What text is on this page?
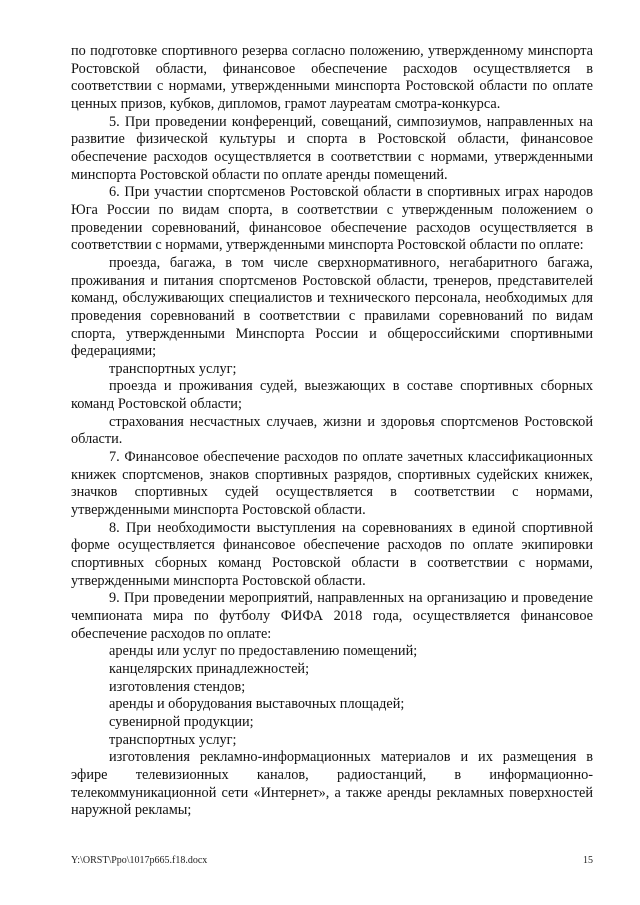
по подготовке спортивного резерва согласно положению, утвержденному минспорта Ростовской области, финансовое обеспечение расходов осуществляется в соответствии с нормами, утвержденными минспорта Ростовской области по оплате ценных призов, кубков, дипломов, грамот лауреатам смотра-конкурса.

5. При проведении конференций, совещаний, симпозиумов, направленных на развитие физической культуры и спорта в Ростовской области, финансовое обеспечение расходов осуществляется в соответствии с нормами, утвержденными минспорта Ростовской области по оплате аренды помещений.

6. При участии спортсменов Ростовской области в спортивных играх народов Юга России по видам спорта, в соответствии с утвержденным положением о проведении соревнований, финансовое обеспечение расходов осуществляется в соответствии с нормами, утвержденными минспорта Ростовской области по оплате:

проезда, багажа, в том числе сверхнормативного, негабаритного багажа, проживания и питания спортсменов Ростовской области, тренеров, представителей команд, обслуживающих специалистов и технического персонала, необходимых для проведения соревнований в соответствии с правилами соревнований по видам спорта, утвержденными Минспорта России и общероссийскими спортивными федерациями;

транспортных услуг;

проезда и проживания судей, выезжающих в составе спортивных сборных команд Ростовской области;

страхования несчастных случаев, жизни и здоровья спортсменов Ростовской области.

7. Финансовое обеспечение расходов по оплате зачетных классификационных книжек спортсменов, знаков спортивных разрядов, спортивных судейских книжек, значков спортивных судей осуществляется в соответствии с нормами, утвержденными минспорта Ростовской области.

8. При необходимости выступления на соревнованиях в единой спортивной форме осуществляется финансовое обеспечение расходов по оплате экипировки спортивных сборных команд Ростовской области в соответствии с нормами, утвержденными минспорта Ростовской области.

9. При проведении мероприятий, направленных на организацию и проведение чемпионата мира по футболу ФИФА 2018 года, осуществляется финансовое обеспечение расходов по оплате:

аренды или услуг по предоставлению помещений;

канцелярских принадлежностей;

изготовления стендов;

аренды и оборудования выставочных площадей;

сувенирной продукции;

транспортных услуг;

изготовления рекламно-информационных материалов и их размещения в эфире телевизионных каналов, радиостанций, в информационно-телекоммуникационной сети «Интернет», а также аренды рекламных поверхностей наружной рекламы;

Y:\ORST\Ppo\1017p665.f18.docx	15
